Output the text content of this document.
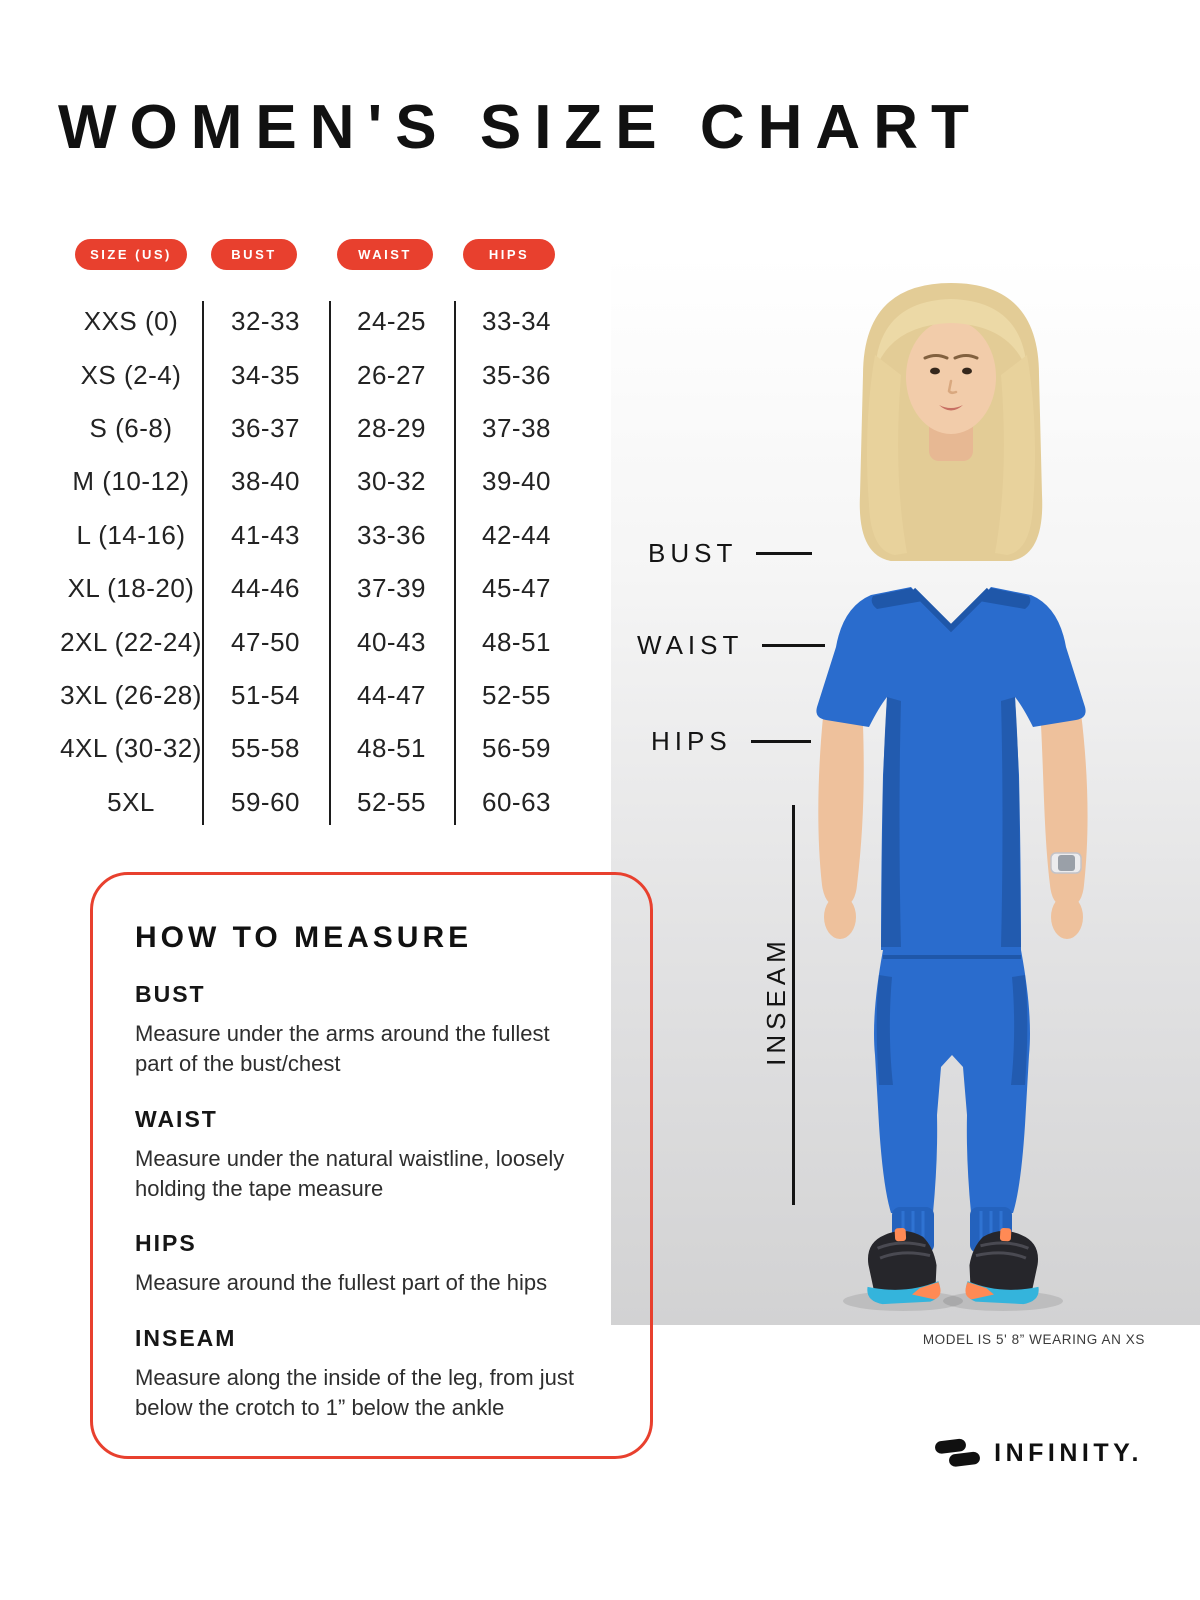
WOMEN'S SIZE CHART
SIZE (US)	BUST	WAIST	HIPS
XXS (0)	32-33	24-25	33-34
XS (2-4)	34-35	26-27	35-36
S (6-8)	36-37	28-29	37-38
M (10-12)	38-40	30-32	39-40
L (14-16)	41-43	33-36	42-44
XL (18-20)	44-46	37-39	45-47
2XL (22-24)	47-50	40-43	48-51
3XL (26-28)	51-54	44-47	52-55
4XL (30-32)	55-58	48-51	56-59
5XL	59-60	52-55	60-63
HOW TO MEASURE
BUST
Measure under the arms around the fullest part of the bust/chest
WAIST
Measure under the natural waistline, loosely holding the tape measure
HIPS
Measure around the fullest part of the hips
INSEAM
Measure along the inside of the leg, from just below the crotch to 1” below the ankle
BUST
WAIST
HIPS
INSEAM
MODEL IS 5' 8” WEARING AN XS
INFINITY.
